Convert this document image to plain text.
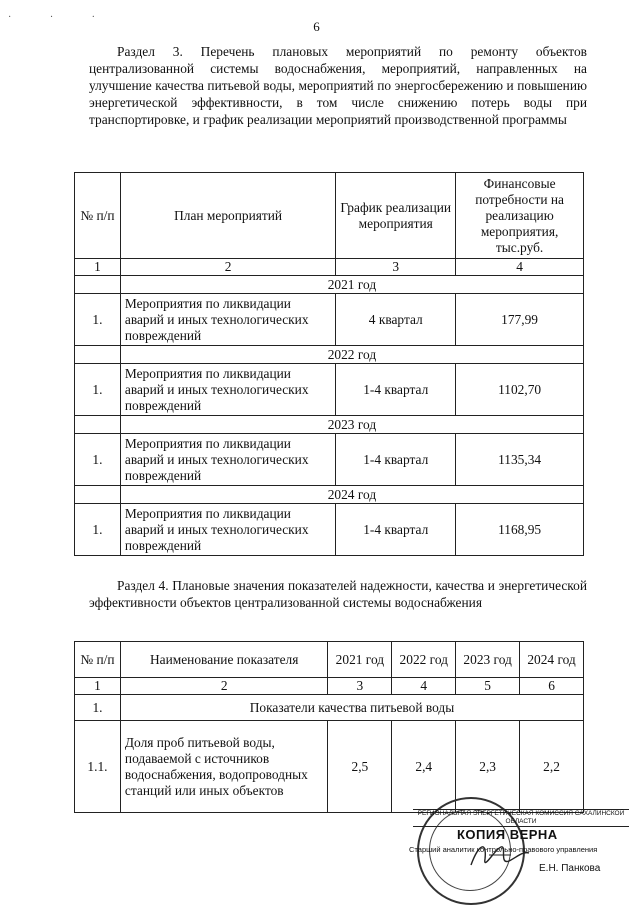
· · ·
6
Раздел 3. Перечень плановых мероприятий по ремонту объектов централизованной системы водоснабжения, мероприятий, направленных на улучшение качества питьевой воды, мероприятий по энергосбережению и повышению энергетической эффективности, в том числе снижению потерь воды при транспортировке, и график реализации мероприятий производственной программы
№ п/п	План мероприятий	График реализации мероприятия	Финансовые потребности на реализацию мероприятия, тыс.руб.
1	2	3	4
	2021 год		
1.	Мероприятия по ликвидации аварий и иных технологических повреждений	4 квартал	177,99
	2022 год		
1.	Мероприятия по ликвидации аварий и иных технологических повреждений	1-4 квартал	1102,70
	2023 год		
1.	Мероприятия по ликвидации аварий и иных технологических повреждений	1-4 квартал	1135,34
	2024 год		
1.	Мероприятия по ликвидации аварий и иных технологических повреждений	1-4 квартал	1168,95
Раздел 4. Плановые значения показателей надежности, качества и энергетической эффективности объектов централизованной системы водоснабжения
№ п/п	Наименование показателя	2021 год	2022 год	2023 год	2024 год
1	2	3	4	5	6
1.	Показатели качества питьевой воды				
1.1.	Доля проб питьевой воды, подаваемой с источников водоснабжения, водопроводных станций или иных объектов	2,5	2,4	2,3	2,2
РЕГИОНАЛЬНАЯ ЭНЕРГЕТИЧЕСКАЯ КОМИССИЯ САХАЛИНСКОЙ ОБЛАСТИ
КОПИЯ ВЕРНА
Старший аналитик контрольно-правового управления
Е.Н. Панкова
